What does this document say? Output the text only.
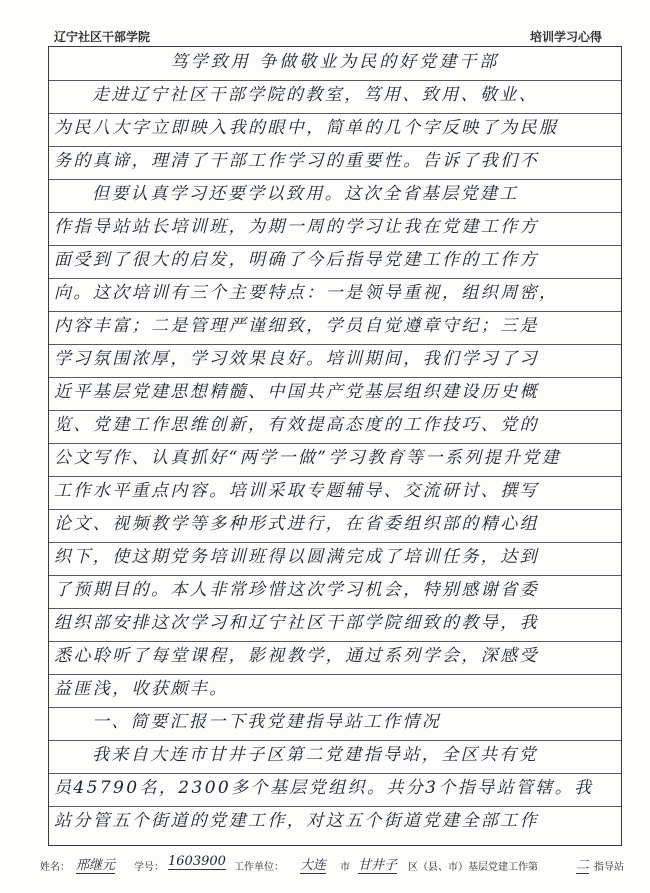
辽宁社区干部学院	培训学习心得
笃学致用 争做敬业为民的好党建干部
走进辽宁社区干部学院的教室，笃用、致用、敬业、
为民八大字立即映入我的眼中，简单的几个字反映了为民服
务的真谛，理清了干部工作学习的重要性。告诉了我们不
但要认真学习还要学以致用。这次全省基层党建工
作指导站站长培训班，为期一周的学习让我在党建工作方
面受到了很大的启发，明确了今后指导党建工作的工作方
向。这次培训有三个主要特点：一是领导重视，组织周密，
内容丰富；二是管理严谨细致，学员自觉遵章守纪；三是
学习氛围浓厚，学习效果良好。培训期间，我们学习了习
近平基层党建思想精髓、中国共产党基层组织建设历史概
览、党建工作思维创新，有效提高态度的工作技巧、党的
公文写作、认真抓好“两学一做”学习教育等一系列提升党建
工作水平重点内容。培训采取专题辅导、交流研讨、撰写
论文、视频教学等多种形式进行，在省委组织部的精心组
织下，使这期党务培训班得以圆满完成了培训任务，达到
了预期目的。本人非常珍惜这次学习机会，特别感谢省委
组织部安排这次学习和辽宁社区干部学院细致的教导，我
悉心聆听了每堂课程，影视教学，通过系列学会，深感受
益匪浅，收获颇丰。
一、简要汇报一下我党建指导站工作情况
我来自大连市甘井子区第二党建指导站，全区共有党
员45790名，2300多个基层党组织。共分3个指导站管辖。我
站分管五个街道的党建工作，对这五个街道党建全部工作
姓名： 邢继元 学号： 1603900 工作单位： 大连 市 甘井子 区（县、市）基层党建工作第	二 指导站
